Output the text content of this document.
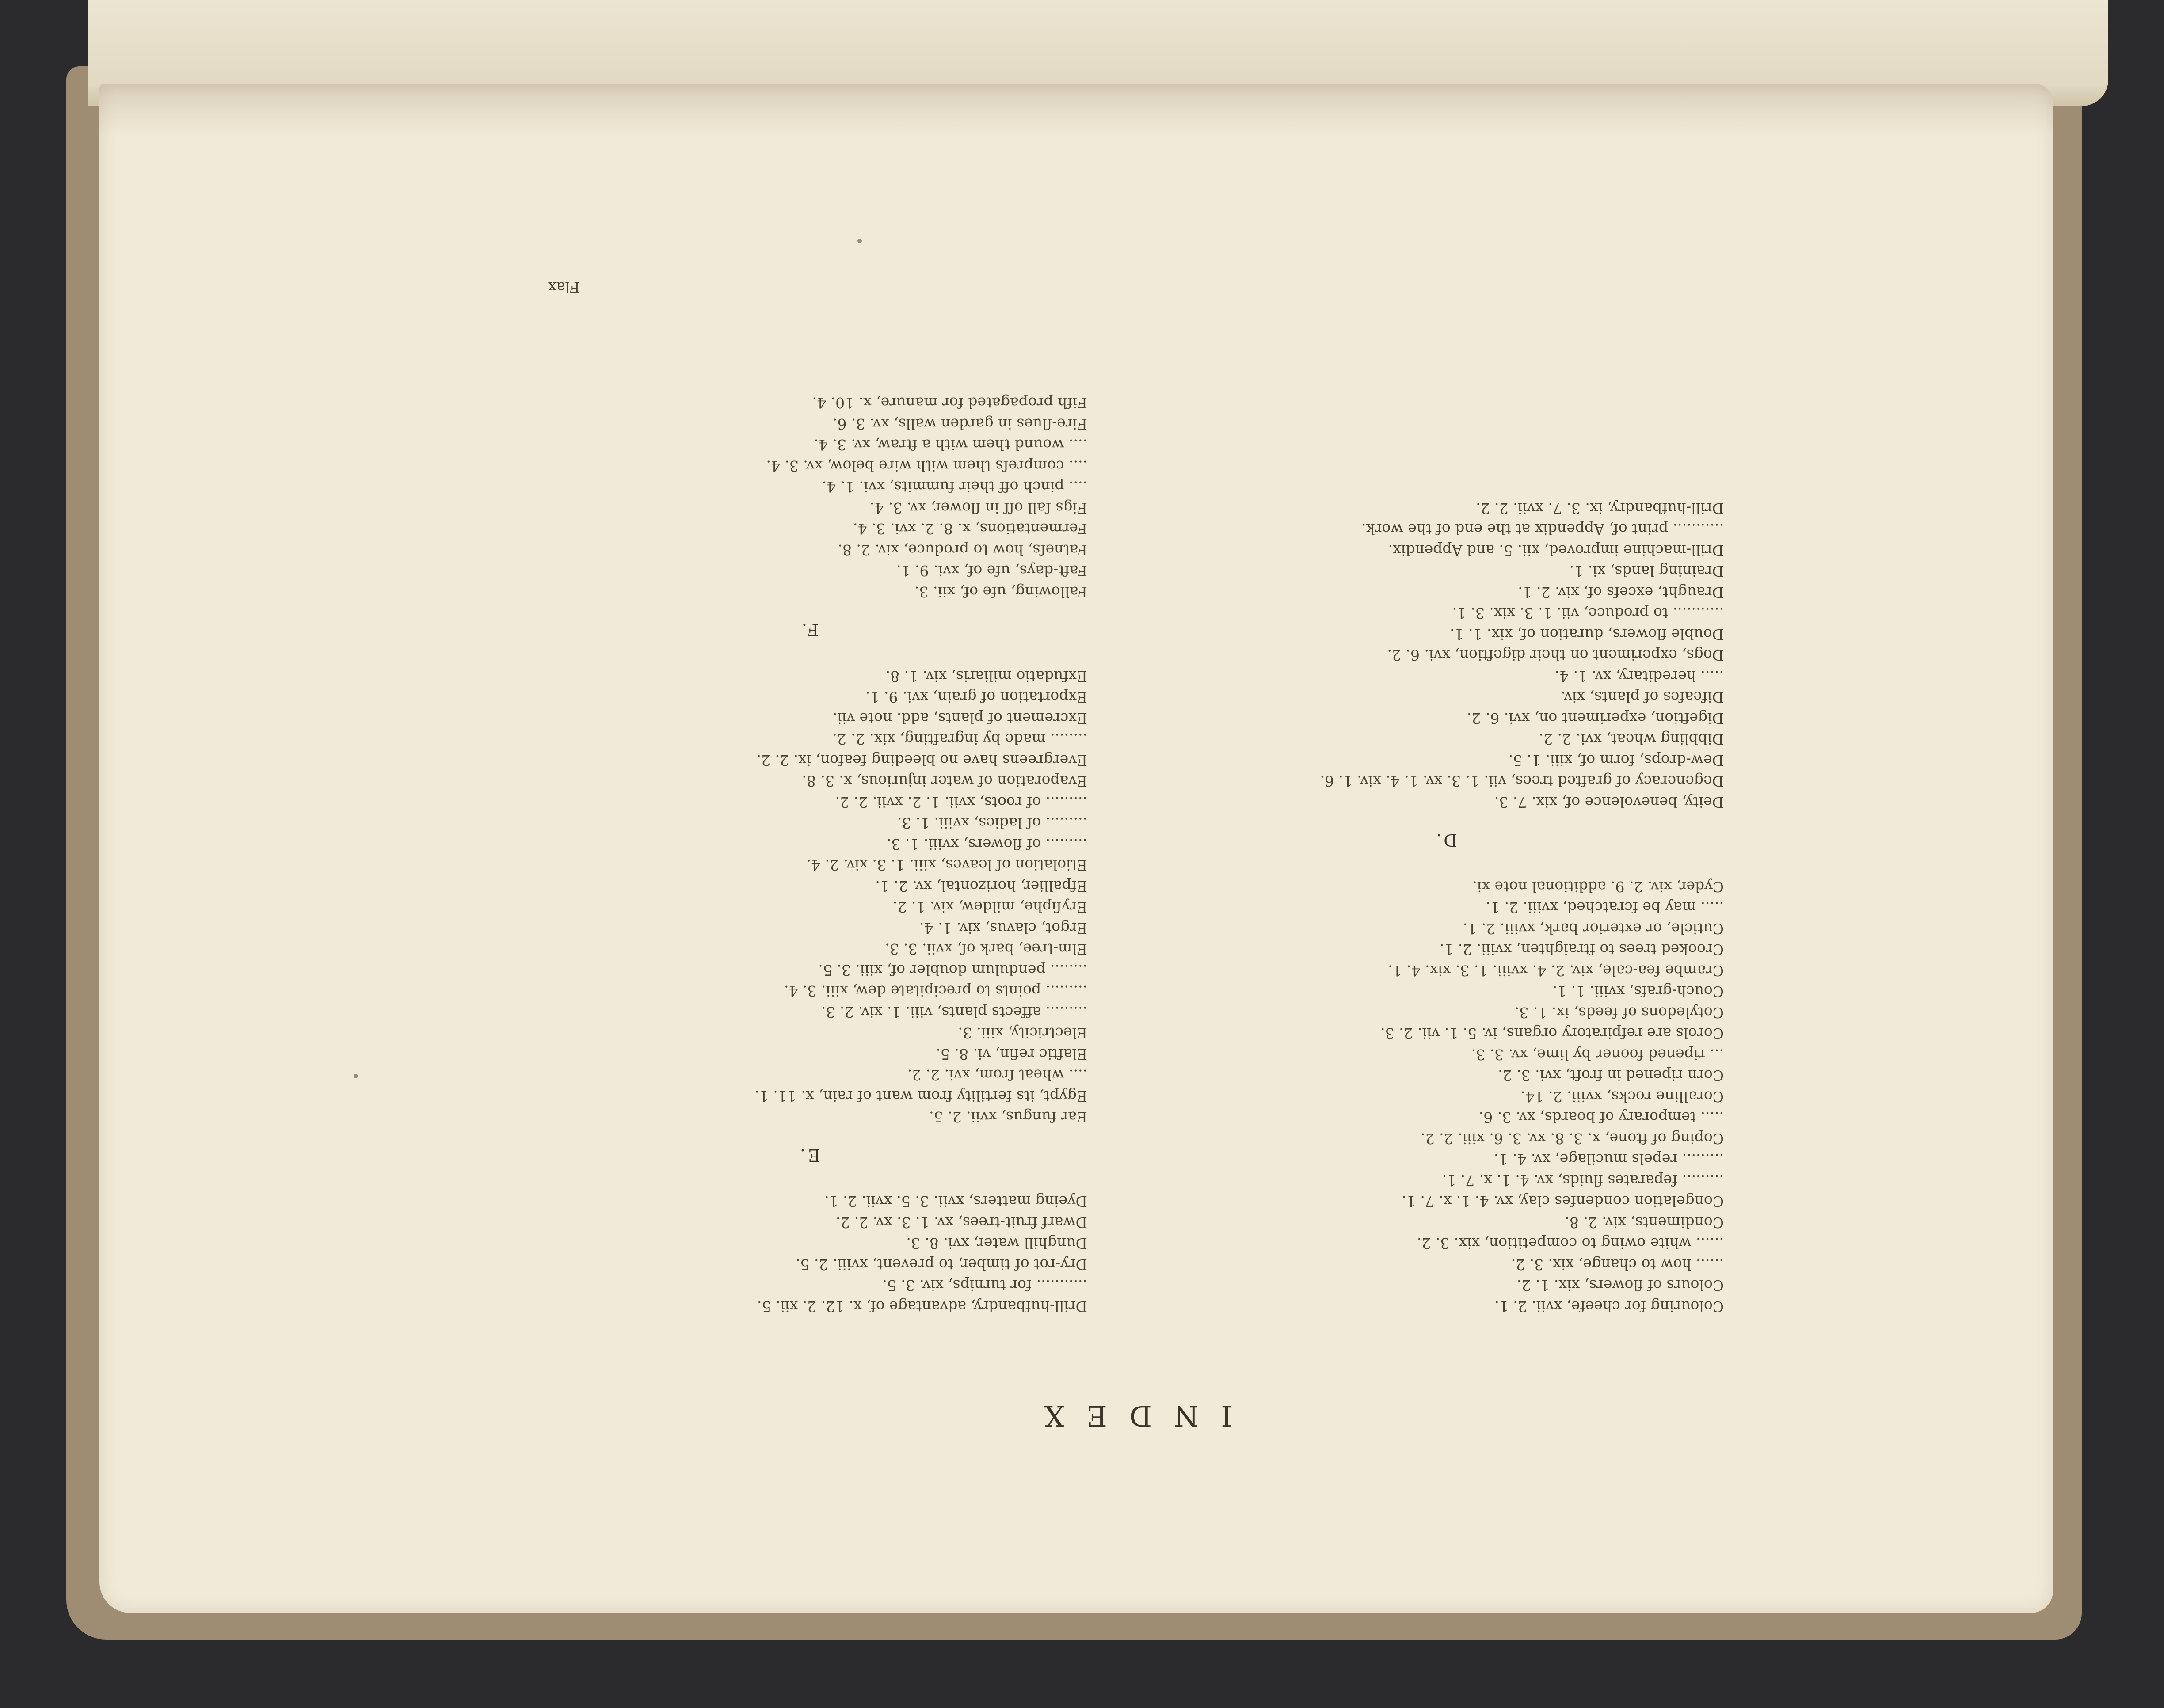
INDEX
Colouring for cheefe, xvii. 2. 1.
Colours of flowers, xix. 1. 2.
...... how to change, xix. 3. 2.
...... white owing to competition, xix. 3. 2.
Condiments, xiv. 2. 8.
Congelation condenfes clay, xv. 4. 1. x. 7. 1.
......... feparates fluids, xv. 4. 1. x. 7. 1.
......... repels mucilage, xv. 4. 1.
Coping of ftone, x. 3. 8. xv. 3. 6. xiii. 2. 2.
..... temporary of boards, xv. 3. 6.
Coralline rocks, xviii. 2. 14.
Corn ripened in froft, xvi. 3. 2.
... ripened fooner by lime, xv. 3. 3.
Corols are refpiratory organs, iv. 5. 1. vii. 2. 3.
Cotyledons of feeds, ix. 1. 3.
Couch-grafs, xviii. 1. 1.
Crambe fea-cale, xiv. 2. 4. xviii. 1. 3. xix. 4. 1.
Crooked trees to ftraighten, xviii. 2. 1.
Cuticle, or exterior bark, xviii. 2. 1.
..... may be fcratched, xviii. 2. 1.
Cyder, xiv. 2. 9. additional note xi.
D.
Deity, benevolence of, xix. 7. 3.
Degeneracy of grafted trees, vii. 1. 3. xv. 1. 4. xiv. 1. 6.
Dew-drops, form of, xiii. 1. 5.
Dibbling wheat, xvi. 2. 2.
Digeftion, experiment on, xvi. 6. 2.
Difeafes of plants, xiv.
..... hereditary, xv. 1. 4.
Dogs, experiment on their digeftion, xvi. 6. 2.
Double flowers, duration of, xix. 1. 1.
........... to produce, vii. 1. 3. xix. 3. 1.
Draught, excefs of, xiv. 2. 1.
Draining lands, xi. 1.
Drill-machine improved, xii. 5. and Appendix.
........... print of, Appendix at the end of the work.
Drill-hufbandry, ix. 3. 7. xvii. 2. 2.
Drill-hufbandry, advantage of, x. 12. 2. xii. 5.
........... for turnips, xiv. 3. 5.
Dry-rot of timber, to prevent, xviii. 2. 5.
Dunghill water, xvi. 8. 3.
Dwarf fruit-trees, xv. 1. 3. xv. 2. 2.
Dyeing matters, xvii. 3. 5. xvii. 2. 1.
E.
Ear fungus, xvii. 2. 5.
Egypt, its fertility from want of rain, x. 11. 1.
.... wheat from, xvi. 2. 2.
Elaftic refin, vi. 8. 5.
Electricity, xiii. 3.
......... affects plants, viii. 1. xiv. 2. 3.
......... points to precipitate dew, xiii. 3. 4.
........ pendulum doubler of, xiii. 3. 5.
Elm-tree, bark of, xvii. 3. 3.
Ergot, clavus, xiv. 1. 4.
Eryfiphe, mildew, xiv. 1. 2.
Efpallier, horizontal, xv. 2. 1.
Etiolation of leaves, xiii. 1. 3. xiv. 2. 4.
......... of flowers, xviii. 1. 3.
......... of ladies, xviii. 1. 3.
......... of roots, xvii. 1. 2. xvii. 2. 2.
Evaporation of water injurious, x. 3. 8.
Evergreens have no bleeding feafon, ix. 2. 2.
........ made by ingrafting, xix. 2. 2.
Excrement of plants, add. note vii.
Exportation of grain, xvi. 9. 1.
Exfudatio miliaris, xiv. 1. 8.
F.
Fallowing, ufe of, xii. 3.
Faft-days, ufe of, xvi. 9. 1.
Fatnefs, how to produce, xiv. 2. 8.
Fermentations, x. 8. 2. xvi. 3. 4.
Figs fall off in flower, xv. 3. 4.
.... pinch off their fummits, xvi. 1. 4.
.... comprefs them with wire below, xv. 3. 4.
.... wound them with a ftraw, xv. 3. 4.
Fire-flues in garden walls, xv. 3. 6.
Fifh propagated for manure, x. 10. 4.
Flax
